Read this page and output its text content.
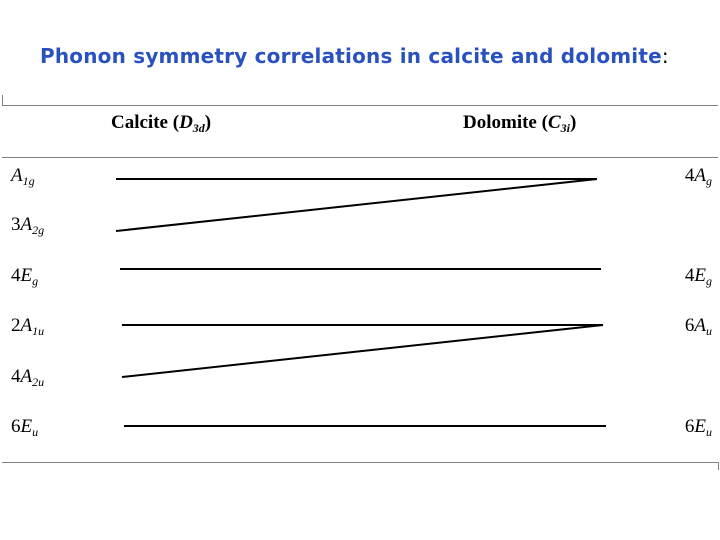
Phonon symmetry correlations in calcite and dolomite:
Calcite $(D_{3d})$	Dolomite $(C_{3i})$
$A_{1g}$
$3A_{2g}$
$4E_g$
$2A_{1u}$
$4A_{2u}$
$6E_u$
$4A_g$
$4E_g$
$6A_u$
$6E_u$
